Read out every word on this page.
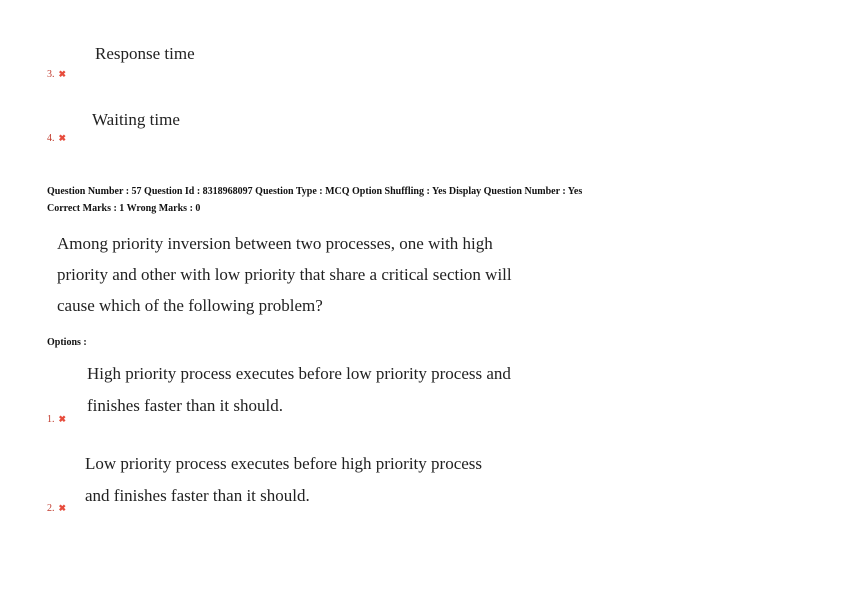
Response time
3. ✖
Waiting time
4. ✖
Question Number : 57 Question Id : 8318968097 Question Type : MCQ Option Shuffling : Yes Display Question Number : Yes
Correct Marks : 1 Wrong Marks : 0
Among priority inversion between two processes, one with high
priority and other with low priority that share a critical section will
cause which of the following problem?
Options :
High priority process executes before low priority process and
finishes faster than it should.
1. ✖
Low priority process executes before high priority process
and finishes faster than it should.
2. ✖
